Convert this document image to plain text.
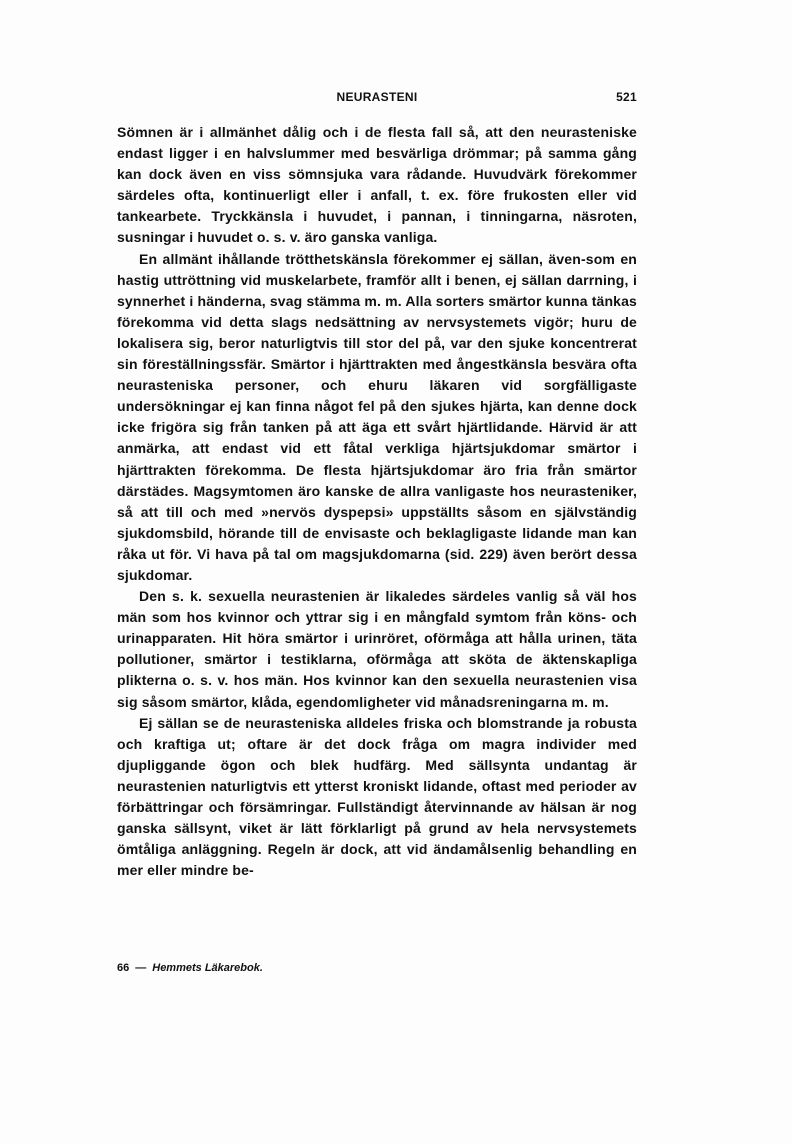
NEURASTENI	521

Sömnen är i allmänhet dålig och i de flesta fall så, att den neurasteniske endast ligger i en halvslummer med besvärliga drömmar; på samma gång kan dock även en viss sömnsjuka vara rådande. Huvudvärk förekommer särdeles ofta, kontinuerligt eller i anfall, t. ex. före frukosten eller vid tankearbete. Tryckkänsla i huvudet, i pannan, i tinningarna, näsroten, susningar i huvudet o. s. v. äro ganska vanliga.

En allmänt ihållande trötthetskänsla förekommer ej sällan, även-som en hastig uttröttning vid muskelarbete, framför allt i benen, ej sällan darrning, i synnerhet i händerna, svag stämma m. m. Alla sorters smärtor kunna tänkas förekomma vid detta slags nedsättning av nervsystemets vigör; huru de lokalisera sig, beror naturligtvis till stor del på, var den sjuke koncentrerat sin föreställningssfär. Smärtor i hjärttrakten med ångestkänsla besvära ofta neurasteniska personer, och ehuru läkaren vid sorgfälligaste undersökningar ej kan finna något fel på den sjukes hjärta, kan denne dock icke frigöra sig från tanken på att äga ett svårt hjärtlidande. Härvid är att anmärka, att endast vid ett fåtal verkliga hjärtsjukdomar smärtor i hjärttrakten förekomma. De flesta hjärtsjukdomar äro fria från smärtor därstädes. Magsymtomen äro kanske de allra vanligaste hos neurasteniker, så att till och med »nervös dyspepsi» uppställts såsom en självständig sjukdomsbild, hörande till de envisaste och beklagligaste lidande man kan råka ut för. Vi hava på tal om magsjukdomarna (sid. 229) även berört dessa sjukdomar.

Den s. k. sexuella neurastenien är likaledes särdeles vanlig så väl hos män som hos kvinnor och yttrar sig i en mångfald symtom från köns- och urinapparaten. Hit höra smärtor i urinröret, oförmåga att hålla urinen, täta pollutioner, smärtor i testiklarna, oförmåga att sköta de äktenskapliga plikterna o. s. v. hos män. Hos kvinnor kan den sexuella neurastenien visa sig såsom smärtor, klåda, egendomligheter vid månadsreningarna m. m.

Ej sällan se de neurasteniska alldeles friska och blomstrande ja robusta och kraftiga ut; oftare är det dock fråga om magra individer med djupliggande ögon och blek hudfärg. Med sällsynta undantag är neurastenien naturligtvis ett ytterst kroniskt lidande, oftast med perioder av förbättringar och försämringar. Fullständigt återvinnande av hälsan är nog ganska sällsynt, viket är lätt förklarligt på grund av hela nervsystemets ömtåliga anläggning. Regeln är dock, att vid ändamålsenlig behandling en mer eller mindre be-

66 — Hemmets Läkarebok.
